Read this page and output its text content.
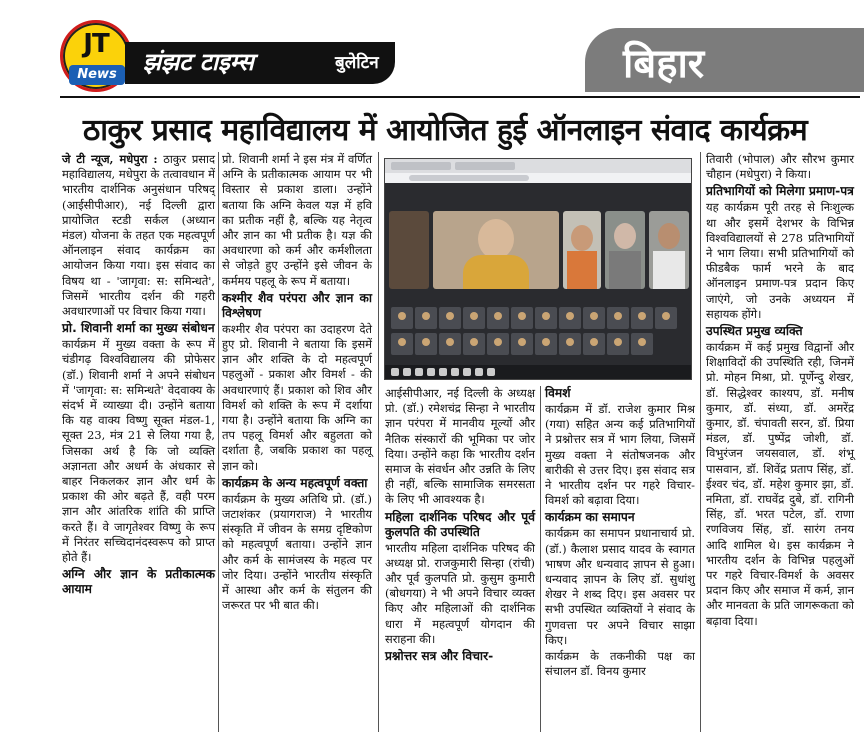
JT
News	झंझट टाइम्स	बुलेटिन	बिहार
ठाकुर प्रसाद महाविद्यालय में आयोजित हुई ऑनलाइन संवाद कार्यक्रम

जे टी न्यूज, मधेपुरा : ठाकुर प्रसाद महाविद्यालय, मधेपुरा के तत्वावधान में भारतीय दार्शनिक अनुसंधान परिषद् (आईसीपीआर), नई दिल्ली द्वारा प्रायोजित स्टडी सर्कल (अध्यान मंडल) योजना के तहत एक महत्वपूर्ण ऑनलाइन संवाद कार्यक्रम का आयोजन किया गया। इस संवाद का विषय था - 'जागृवा: स: समिन्धते', जिसमें भारतीय दर्शन की गहरी अवधारणाओं पर विचार किया गया।

प्रो. शिवानी शर्मा का मुख्य संबोधन

कार्यक्रम में मुख्य वक्ता के रूप में चंडीगढ़ विश्वविद्यालय की प्रोफेसर (डॉ.) शिवानी शर्मा ने अपने संबोधन में 'जागृवा: स: समिन्धते' वेदवाक्य के संदर्भ में व्याख्या दी। उन्होंने बताया कि यह वाक्य विष्णु सूक्त मंडल-1, सूक्त 23, मंत्र 21 से लिया गया है, जिसका अर्थ है कि जो व्यक्ति अज्ञानता और अधर्म के अंधकार से बाहर निकलकर ज्ञान और धर्म के प्रकाश की ओर बढ़ते हैं, वही परम ज्ञान और आंतरिक शांति की प्राप्ति करते हैं। वे जागृतेश्वर विष्णु के रूप में निरंतर सच्चिदानंदस्वरूप को प्राप्त होते हैं।

अग्नि और ज्ञान के प्रतीकात्मक आयाम

प्रो. शिवानी शर्मा ने इस मंत्र में वर्णित अग्नि के प्रतीकात्मक आयाम पर भी विस्तार से प्रकाश डाला। उन्होंने बताया कि अग्नि केवल यज्ञ में हवि का प्रतीक नहीं है, बल्कि यह नेतृत्व और ज्ञान का भी प्रतीक है। यज्ञ की अवधारणा को कर्म और कर्मशीलता से जोड़ते हुए उन्होंने इसे जीवन के कर्ममय पहलू के रूप में बताया।

कश्मीर शैव परंपरा और ज्ञान का विश्लेषण

कश्मीर शैव परंपरा का उदाहरण देते हुए प्रो. शिवानी ने बताया कि इसमें ज्ञान और शक्ति के दो महत्वपूर्ण पहलुओं - प्रकाश और विमर्श - की अवधारणाएं हैं। प्रकाश को शिव और विमर्श को शक्ति के रूप में दर्शाया गया है। उन्होंने बताया कि अग्नि का तप पहलू विमर्श और बहुलता को दर्शाता है, जबकि प्रकाश का पहलू ज्ञान को।

कार्यक्रम के अन्य महत्वपूर्ण वक्ता

कार्यक्रम के मुख्य अतिथि प्रो. (डॉ.) जटाशंकर (प्रयागराज) ने भारतीय संस्कृति में जीवन के समग्र दृष्टिकोण को महत्वपूर्ण बताया। उन्होंने ज्ञान और कर्म के सामंजस्य के महत्व पर जोर दिया। उन्होंने भारतीय संस्कृति में आस्था और कर्म के संतुलन की जरूरत पर भी बात की।

आईसीपीआर, नई दिल्ली के अध्यक्ष प्रो. (डॉ.) रमेशचंद्र सिन्हा ने भारतीय ज्ञान परंपरा में मानवीय मूल्यों और नैतिक संस्कारों की भूमिका पर जोर दिया। उन्होंने कहा कि भारतीय दर्शन समाज के संवर्धन और उन्नति के लिए ही नहीं, बल्कि सामाजिक समरसता के लिए भी आवश्यक है।

महिला दार्शनिक परिषद और पूर्व कुलपति की उपस्थिति

भारतीय महिला दार्शनिक परिषद की अध्यक्ष प्रो. राजकुमारी सिन्हा (रांची) और पूर्व कुलपति प्रो. कुसुम कुमारी (बोधगया) ने भी अपने विचार व्यक्त किए और महिलाओं की दार्शनिक धारा में महत्वपूर्ण योगदान की सराहना की।

प्रश्नोत्तर सत्र और विचार-
विमर्श

कार्यक्रम में डॉ. राजेश कुमार मिश्र (गया) सहित अन्य कई प्रतिभागियों ने प्रश्नोत्तर सत्र में भाग लिया, जिसमें मुख्य वक्ता ने संतोषजनक और बारीकी से उत्तर दिए। इस संवाद सत्र ने भारतीय दर्शन पर गहरे विचार-विमर्श को बढ़ावा दिया।

कार्यक्रम का समापन

कार्यक्रम का समापन प्रधानाचार्य प्रो. (डॉ.) कैलाश प्रसाद यादव के स्वागत भाषण और धन्यवाद ज्ञापन से हुआ। धन्यवाद ज्ञापन के लिए डॉ. सुधांशु शेखर ने शब्द दिए। इस अवसर पर सभी उपस्थित व्यक्तियों ने संवाद के गुणवत्ता पर अपने विचार साझा किए।

कार्यक्रम के तकनीकी पक्ष का संचालन डॉ. विनय कुमार

तिवारी (भोपाल) और सौरभ कुमार चौहान (मधेपुरा) ने किया।

प्रतिभागियों को मिलेगा प्रमाण-पत्र

यह कार्यक्रम पूरी तरह से निःशुल्क था और इसमें देशभर के विभिन्न विश्वविद्यालयों से 278 प्रतिभागियों ने भाग लिया। सभी प्रतिभागियों को फीडबैक फार्म भरने के बाद ऑनलाइन प्रमाण-पत्र प्रदान किए जाएंगे, जो उनके अध्ययन में सहायक होंगे।

उपस्थित प्रमुख व्यक्ति

कार्यक्रम में कई प्रमुख विद्वानों और शिक्षाविदों की उपस्थिति रही, जिनमें प्रो. मोहन मिश्रा, प्रो. पूर्णेन्दु शेखर, डॉ. सिद्धेश्वर काश्यप, डॉ. मनीष कुमार, डॉ. संध्या, डॉ. अमरेंद्र कुमार, डॉ. चंपावती सरन, डॉ. प्रिया मंडल, डॉ. पुष्पेंद्र जोशी, डॉ. विभुरंजन जयसवाल, डॉ. शंभू पासवान, डॉ. शिवेंद्र प्रताप सिंह, डॉ. ईश्वर चंद, डॉ. महेश कुमार झा, डॉ. नमिता, डॉ. राघवेंद्र दुबे, डॉ. रागिनी सिंह, डॉ. भरत पटेल, डॉ. राणा रणविजय सिंह, डॉ. सारंग तनय आदि शामिल थे। इस कार्यक्रम ने भारतीय दर्शन के विभिन्न पहलुओं पर गहरे विचार-विमर्श के अवसर प्रदान किए और समाज में कर्म, ज्ञान और मानवता के प्रति जागरूकता को बढ़ावा दिया।
